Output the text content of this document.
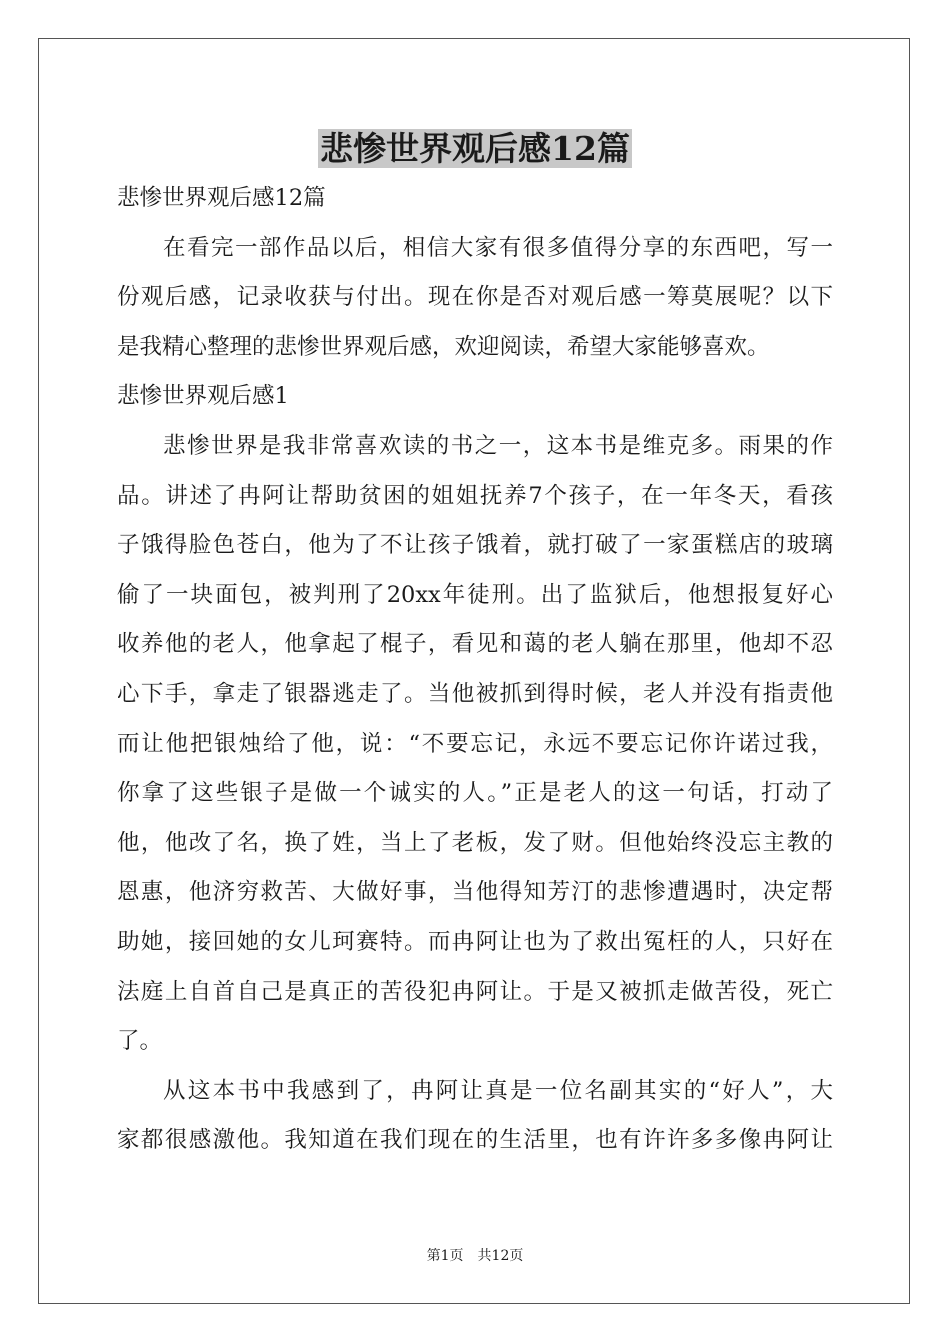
悲惨世界观后感12篇
悲惨世界观后感12篇
在看完一部作品以后，相信大家有很多值得分享的东西吧，写一
份观后感，记录收获与付出。现在你是否对观后感一筹莫展呢？以下
是我精心整理的悲惨世界观后感，欢迎阅读，希望大家能够喜欢。
悲惨世界观后感1
悲惨世界是我非常喜欢读的书之一，这本书是维克多。雨果的作
品。讲述了冉阿让帮助贫困的姐姐抚养7个孩子，在一年冬天，看孩
子饿得脸色苍白，他为了不让孩子饿着，就打破了一家蛋糕店的玻璃
偷了一块面包，被判刑了20xx年徒刑。出了监狱后，他想报复好心
收养他的老人，他拿起了棍子，看见和蔼的老人躺在那里，他却不忍
心下手，拿走了银器逃走了。当他被抓到得时候，老人并没有指责他
而让他把银烛给了他，说：“不要忘记，永远不要忘记你许诺过我，
你拿了这些银子是做一个诚实的人。”正是老人的这一句话，打动了
他，他改了名，换了姓，当上了老板，发了财。但他始终没忘主教的
恩惠，他济穷救苦、大做好事，当他得知芳汀的悲惨遭遇时，决定帮
助她，接回她的女儿珂赛特。而冉阿让也为了救出冤枉的人，只好在
法庭上自首自己是真正的苦役犯冉阿让。于是又被抓走做苦役，死亡
了。
从这本书中我感到了，冉阿让真是一位名副其实的“好人”，大
家都很感激他。我知道在我们现在的生活里，也有许许多多像冉阿让
第1页 共12页
